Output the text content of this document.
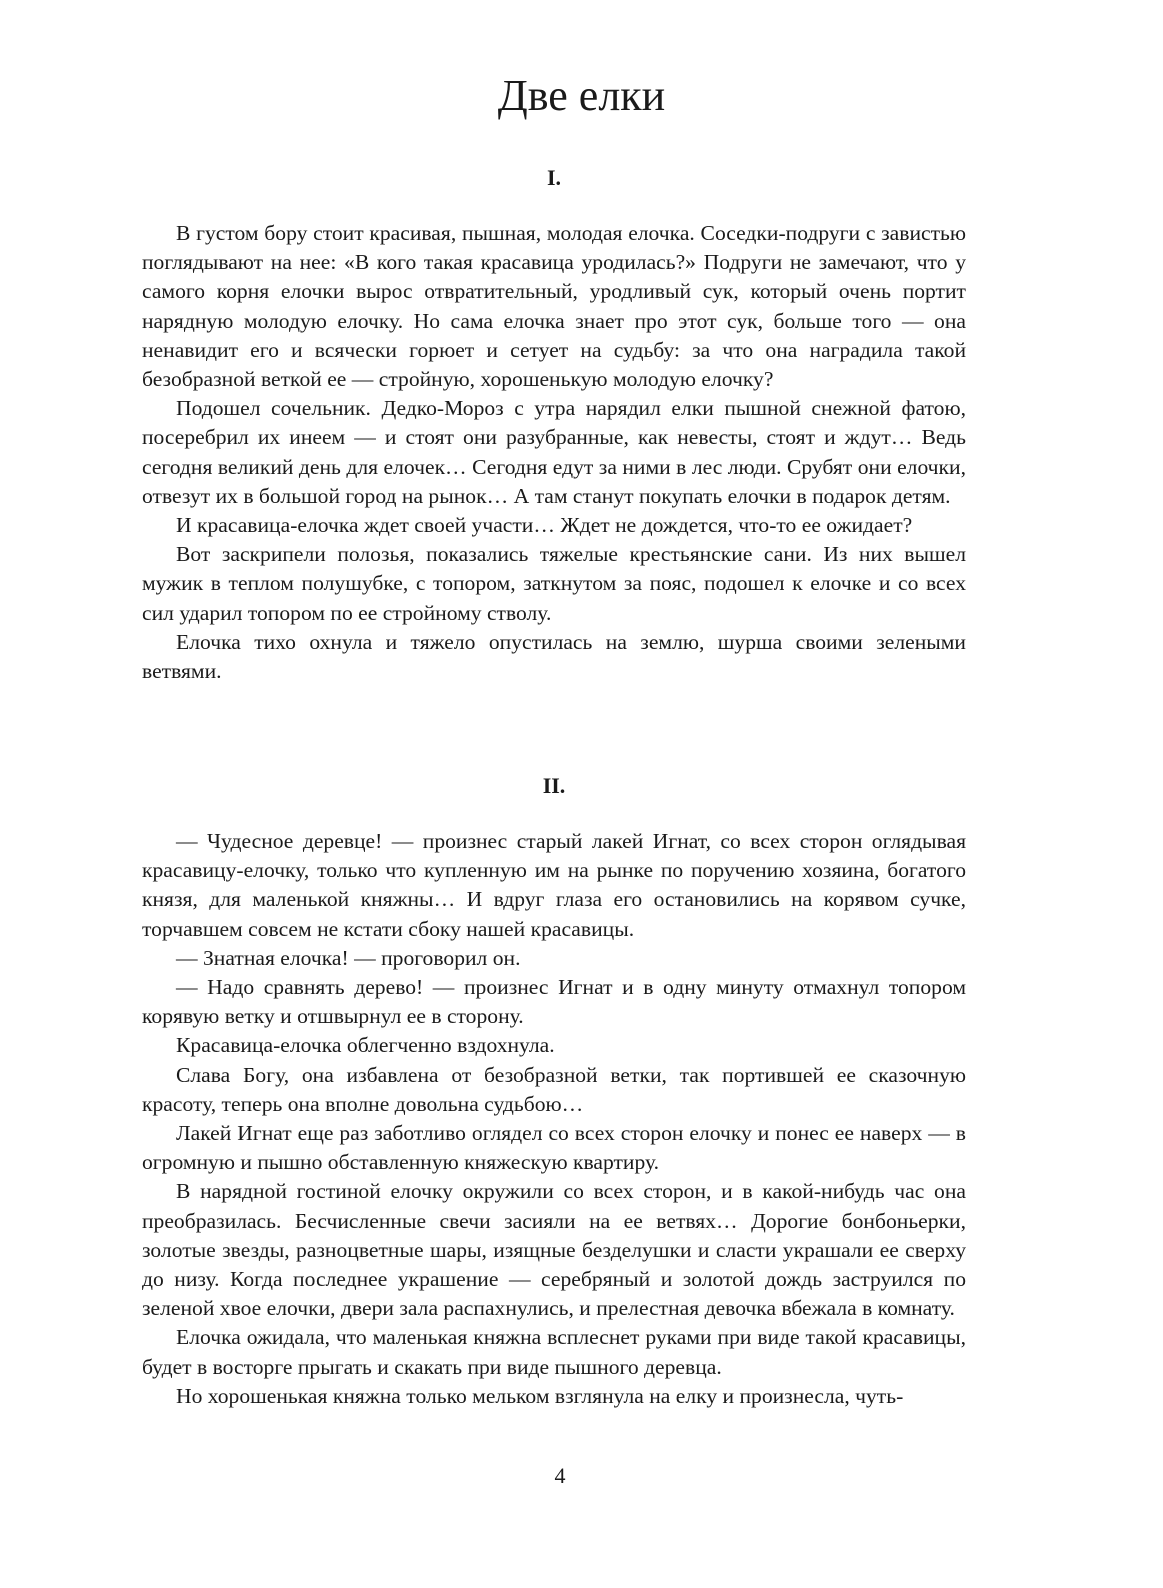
Две елки
I.

В густом бору стоит красивая, пышная, молодая елочка. Соседки-подруги с завистью поглядывают на нее: «В кого такая красавица уродилась?» Подруги не замечают, что у самого корня елочки вырос отвратительный, уродливый сук, который очень портит нарядную молодую елочку. Но сама елочка знает про этот сук, больше того — она ненавидит его и всячески горюет и сетует на судьбу: за что она наградила такой безобразной веткой ее — стройную, хорошенькую молодую елочку?

Подошел сочельник. Дедко-Мороз с утра нарядил елки пышной снежной фатою, посеребрил их инеем — и стоят они разубранные, как невесты, стоят и ждут… Ведь сегодня великий день для елочек… Сегодня едут за ними в лес люди. Срубят они елочки, отвезут их в большой город на рынок… А там станут покупать елочки в подарок детям.

И красавица-елочка ждет своей участи… Ждет не дождется, что-то ее ожидает?

Вот заскрипели полозья, показались тяжелые крестьянские сани. Из них вышел мужик в теплом полушубке, с топором, заткнутом за пояс, подошел к елочке и со всех сил ударил топором по ее стройному стволу.

Елочка тихо охнула и тяжело опустилась на землю, шурша своими зелеными ветвями.

II.

— Чудесное деревце! — произнес старый лакей Игнат, со всех сторон оглядывая красавицу-елочку, только что купленную им на рынке по поручению хозяина, богатого князя, для маленькой княжны… И вдруг глаза его остановились на корявом сучке, торчавшем совсем не кстати сбоку нашей красавицы.

— Знатная елочка! — проговорил он.

— Надо сравнять дерево! — произнес Игнат и в одну минуту отмахнул топором корявую ветку и отшвырнул ее в сторону.

Красавица-елочка облегченно вздохнула.

Слава Богу, она избавлена от безобразной ветки, так портившей ее сказочную красоту, теперь она вполне довольна судьбою…

Лакей Игнат еще раз заботливо оглядел со всех сторон елочку и понес ее наверх — в огромную и пышно обставленную княжескую квартиру.

В нарядной гостиной елочку окружили со всех сторон, и в какой-нибудь час она преобразилась. Бесчисленные свечи засияли на ее ветвях… Дорогие бонбоньерки, золотые звезды, разноцветные шары, изящные безделушки и сласти украшали ее сверху до низу. Когда последнее украшение — серебряный и золотой дождь заструился по зеленой хвое елочки, двери зала распахнулись, и прелестная девочка вбежала в комнату.

Елочка ожидала, что маленькая княжна всплеснет руками при виде такой красавицы, будет в восторге прыгать и скакать при виде пышного деревца.

Но хорошенькая княжна только мельком взглянула на елку и произнесла, чуть-

4
